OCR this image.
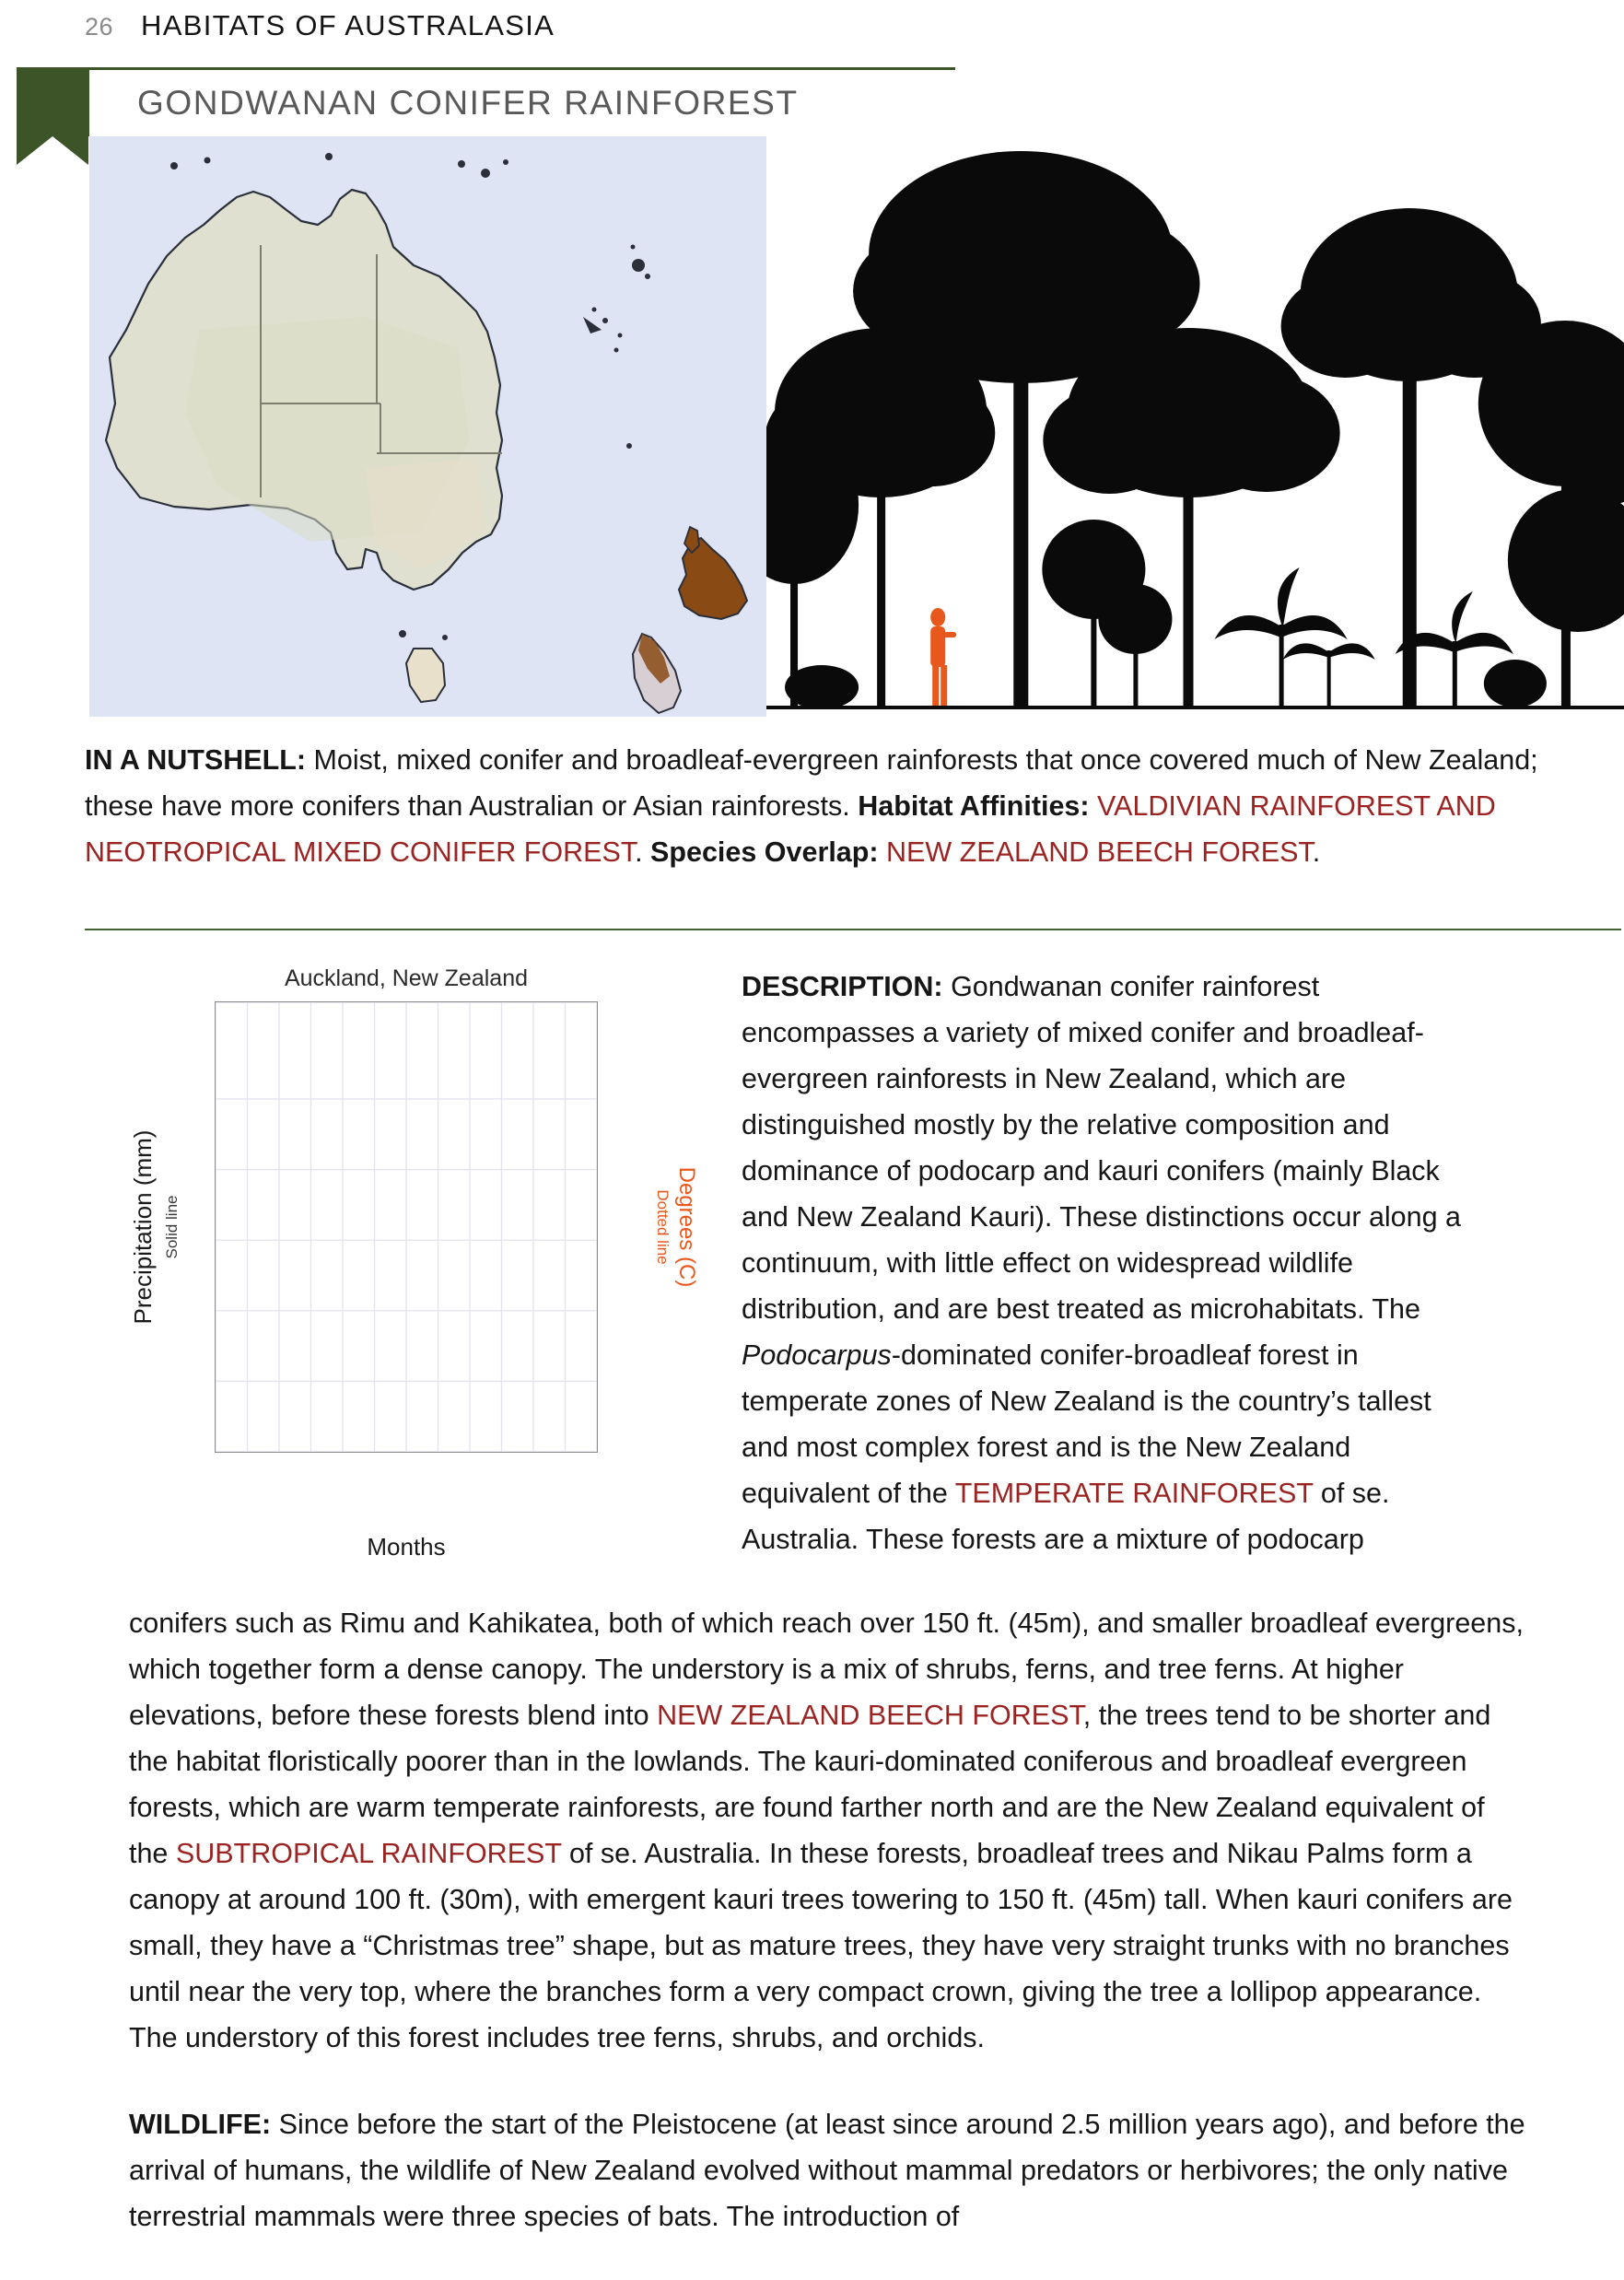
26 HABITATS OF AUSTRALASIA
GONDWANAN CONIFER RAINFOREST
IN A NUTSHELL: Moist, mixed conifer and broadleaf-evergreen rainforests that once covered much of New Zealand; these have more conifers than Australian or Asian rainforests. Habitat Affinities: VALDIVIAN RAINFOREST AND NEOTROPICAL MIXED CONIFER FOREST. Species Overlap: NEW ZEALAND BEECH FOREST.
Auckland, New Zealand
Precipitation (mm) Solid line	Degrees (C)
Dotted line
Months
DESCRIPTION: Gondwanan conifer rainforest encompasses a variety of mixed conifer and broadleaf-evergreen rainforests in New Zealand, which are distinguished mostly by the relative composition and dominance of podocarp and kauri conifers (mainly Black and New Zealand Kauri). These distinctions occur along a continuum, with little effect on widespread wildlife distribution, and are best treated as microhabitats. The Podocarpus-dominated conifer-broadleaf forest in temperate zones of New Zealand is the country’s tallest and most complex forest and is the New Zealand equivalent of the TEMPERATE RAINFOREST of se. Australia. These forests are a mixture of podocarp

conifers such as Rimu and Kahikatea, both of which reach over 150 ft. (45m), and smaller broadleaf evergreens, which together form a dense canopy. The understory is a mix of shrubs, ferns, and tree ferns. At higher elevations, before these forests blend into NEW ZEALAND BEECH FOREST, the trees tend to be shorter and the habitat floristically poorer than in the lowlands. The kauri-dominated coniferous and broadleaf evergreen forests, which are warm temperate rainforests, are found farther north and are the New Zealand equivalent of the SUBTROPICAL RAINFOREST of se. Australia. In these forests, broadleaf trees and Nikau Palms form a canopy at around 100 ft. (30m), with emergent kauri trees towering to 150 ft. (45m) tall. When kauri conifers are small, they have a “Christmas tree” shape, but as mature trees, they have very straight trunks with no branches until near the very top, where the branches form a very compact crown, giving the tree a lollipop appearance. The understory of this forest includes tree ferns, shrubs, and orchids.

WILDLIFE: Since before the start of the Pleistocene (at least since around 2.5 million years ago), and before the arrival of humans, the wildlife of New Zealand evolved without mammal predators or herbivores; the only native terrestrial mammals were three species of bats. The introduction of
